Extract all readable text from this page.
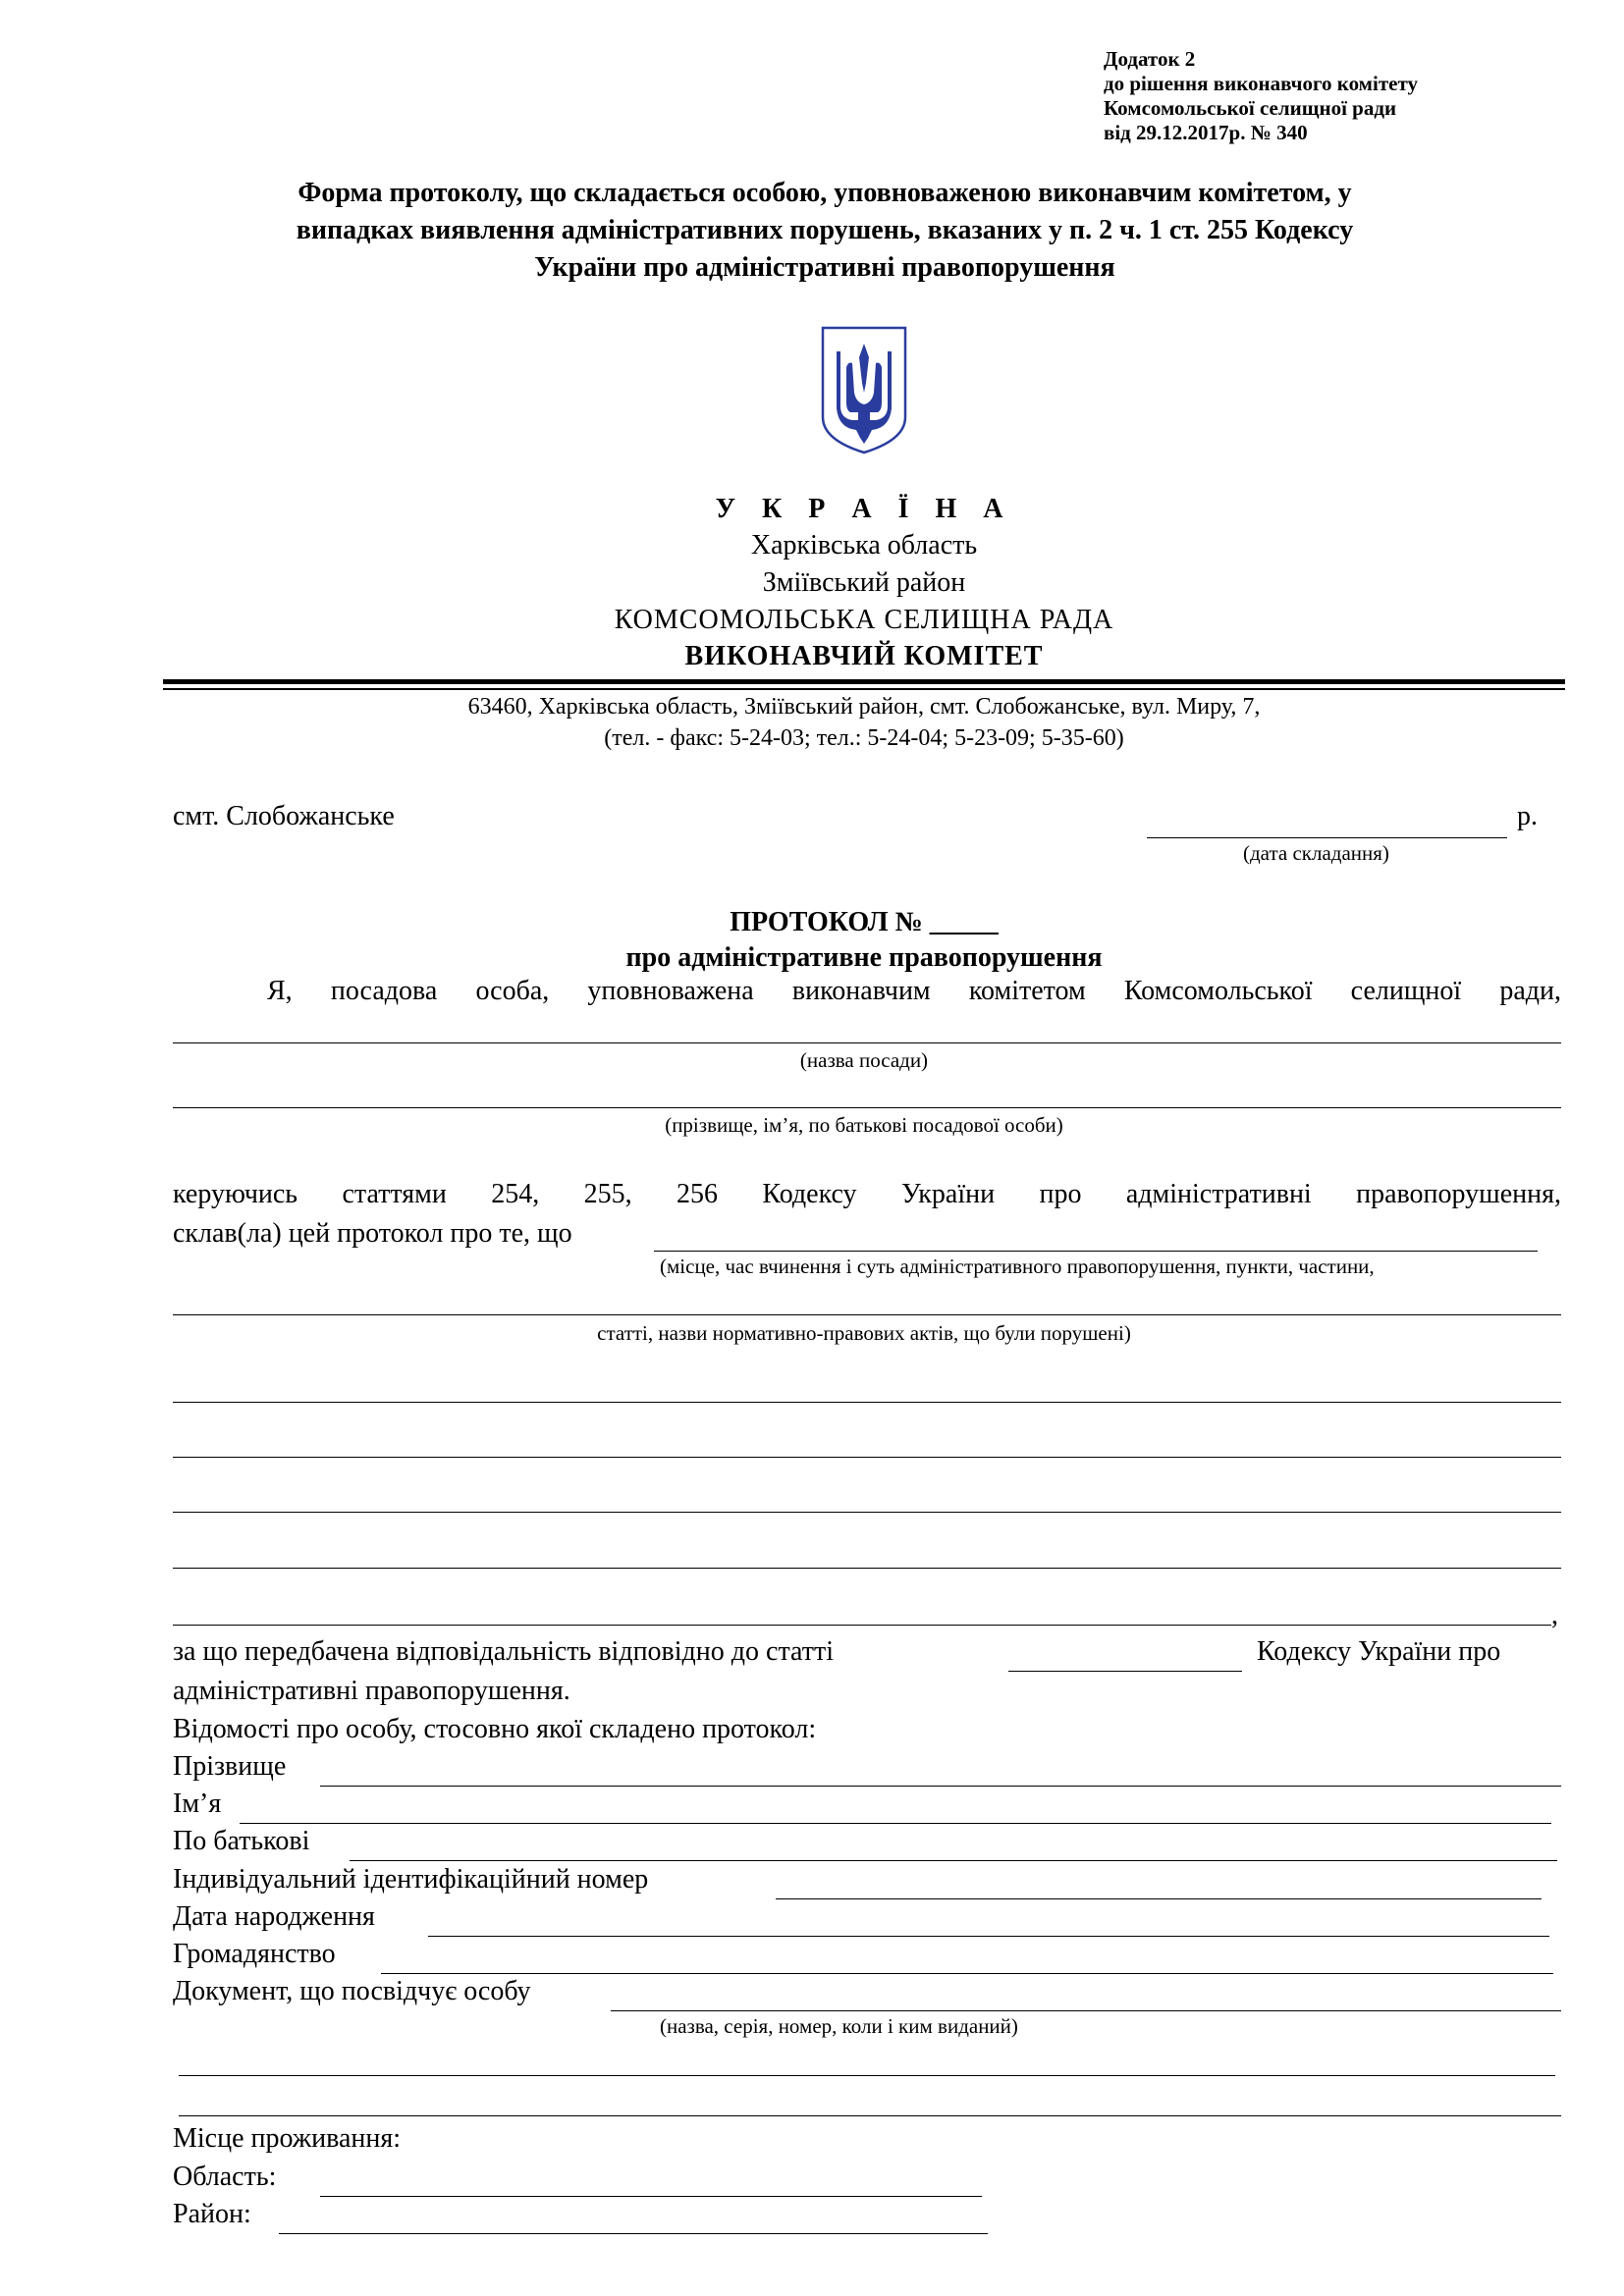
Додаток 2
до рішення виконавчого комітету
Комсомольської селищної ради
від 29.12.2017р. № 340
Форма протоколу, що складається особою, уповноваженою виконавчим комітетом, у
випадках виявлення адміністративних порушень, вказаних у п. 2 ч. 1 ст. 255 Кодексу
України про адміністративні правопорушення
У К Р А Ї Н А
Харківська область
Зміївський район
КОМСОМОЛЬСЬКА СЕЛИЩНА РАДА
ВИКОНАВЧИЙ КОМІТЕТ
63460, Харківська область, Зміївський район, смт. Слобожанське, вул. Миру, 7,
(тел. - факс: 5-24-03; тел.: 5-24-04; 5-23-09; 5-35-60)
смт. Слобожанське	р.
(дата складання)
ПРОТОКОЛ № _____
про адміністративне правопорушення
Я, посадова особа, уповноважена виконавчим комітетом Комсомольської селищної ради,
(назва посади)
(прізвище, ім’я, по батькові посадової особи)
керуючись статтями 254, 255, 256 Кодексу України про адміністративні правопорушення,
склав(ла) цей протокол про те, що
(місце, час вчинення і суть адміністративного правопорушення, пункти, частини,
статті, назви нормативно-правових актів, що були порушені)
,
за що передбачена відповідальність відповідно до статті	Кодексу України про
адміністративні правопорушення.
Відомості про особу, стосовно якої складено протокол:
Прізвище
Ім’я
По батькові
Індивідуальний ідентифікаційний номер
Дата народження
Громадянство
Документ, що посвідчує особу
(назва, серія, номер, коли і ким виданий)
Місце проживання:
Область:
Район:
